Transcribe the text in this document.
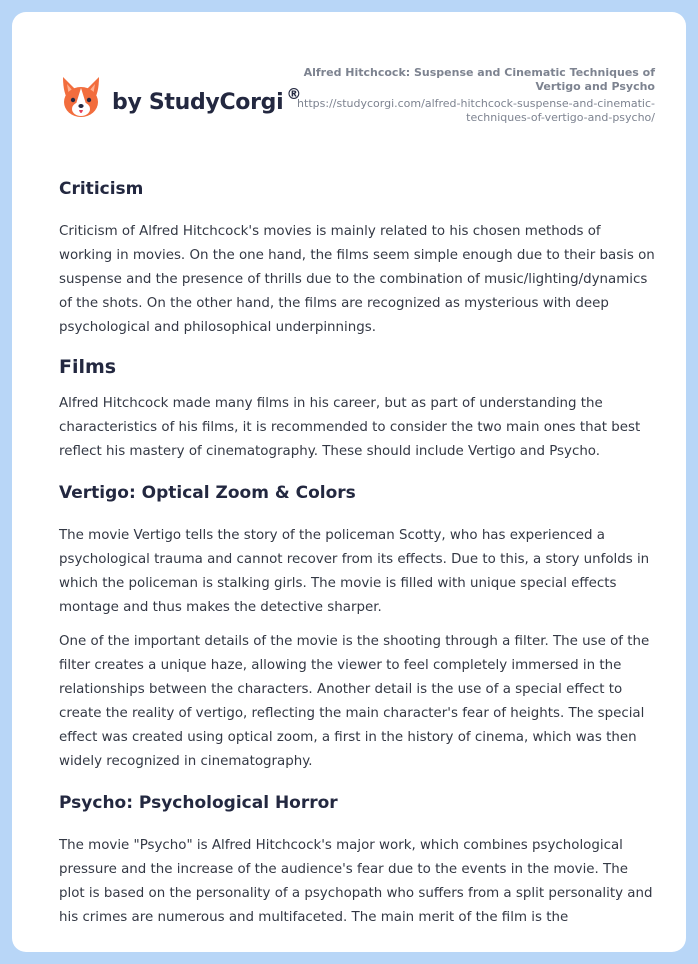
by StudyCorgi ®
Alfred Hitchcock: Suspense and Cinematic Techniques of Vertigo and Psycho
https://studycorgi.com/alfred-hitchcock-suspense-and-cinematic-techniques-of-vertigo-and-psycho/
Criticism

Criticism of Alfred Hitchcock's movies is mainly related to his chosen methods of working in movies. On the one hand, the films seem simple enough due to their basis on suspense and the presence of thrills due to the combination of music/lighting/dynamics of the shots. On the other hand, the films are recognized as mysterious with deep psychological and philosophical underpinnings.

Films

Alfred Hitchcock made many films in his career, but as part of understanding the characteristics of his films, it is recommended to consider the two main ones that best reflect his mastery of cinematography. These should include Vertigo and Psycho.

Vertigo: Optical Zoom & Colors

The movie Vertigo tells the story of the policeman Scotty, who has experienced a psychological trauma and cannot recover from its effects. Due to this, a story unfolds in which the policeman is stalking girls. The movie is filled with unique special effects montage and thus makes the detective sharper.

One of the important details of the movie is the shooting through a filter. The use of the filter creates a unique haze, allowing the viewer to feel completely immersed in the relationships between the characters. Another detail is the use of a special effect to create the reality of vertigo, reflecting the main character's fear of heights. The special effect was created using optical zoom, a first in the history of cinema, which was then widely recognized in cinematography.

Psycho: Psychological Horror

The movie "Psycho" is Alfred Hitchcock's major work, which combines psychological pressure and the increase of the audience's fear due to the events in the movie. The plot is based on the personality of a psychopath who suffers from a split personality and his crimes are numerous and multifaceted. The main merit of the film is the
